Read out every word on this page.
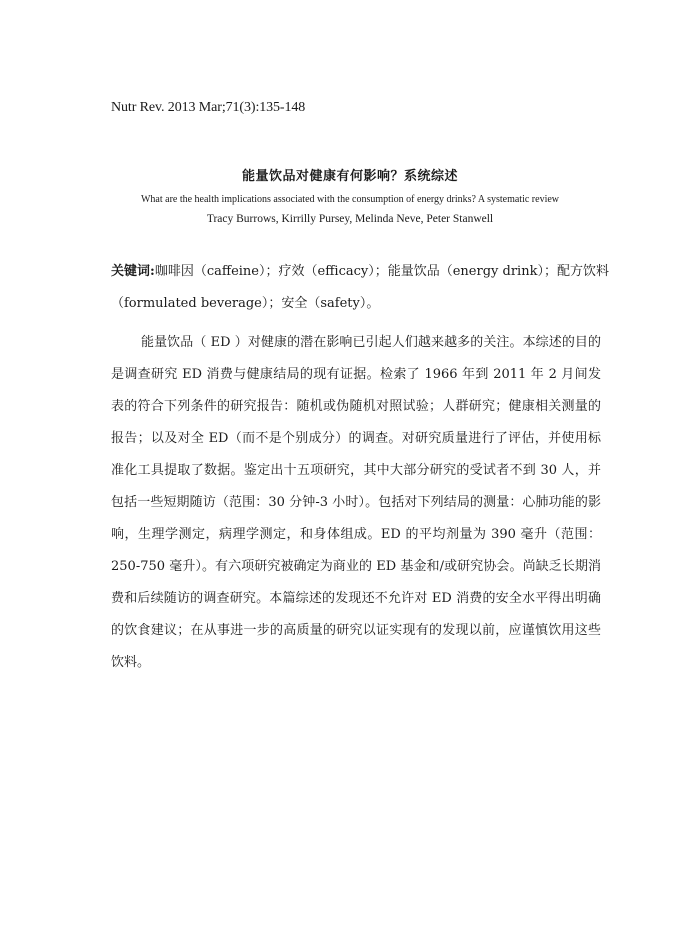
Nutr Rev. 2013 Mar;71(3):135-148
能量饮品对健康有何影响？系统综述
What are the health implications associated with the consumption of energy drinks? A systematic review
Tracy Burrows, Kirrilly Pursey, Melinda Neve, Peter Stanwell

关键词:咖啡因（caffeine）；疗效（efficacy）；能量饮品（energy drink）；配方饮料（formulated beverage）；安全（safety）。

能量饮品（ ED ）对健康的潜在影响已引起人们越来越多的关注。本综述的目的是调查研究 ED 消费与健康结局的现有证据。检索了 1966 年到 2011 年 2 月间发表的符合下列条件的研究报告：随机或伪随机对照试验；人群研究；健康相关测量的报告；以及对全 ED（而不是个别成分）的调查。对研究质量进行了评估，并使用标准化工具提取了数据。鉴定出十五项研究，其中大部分研究的受试者不到 30 人，并包括一些短期随访（范围：30 分钟-3 小时）。包括对下列结局的测量：心肺功能的影响，生理学测定，病理学测定，和身体组成。ED 的平均剂量为 390 毫升（范围：250-750 毫升）。有六项研究被确定为商业的 ED 基金和/或研究协会。尚缺乏长期消费和后续随访的调查研究。本篇综述的发现还不允许对 ED 消费的安全水平得出明确的饮食建议；在从事进一步的高质量的研究以证实现有的发现以前，应谨慎饮用这些饮料。
